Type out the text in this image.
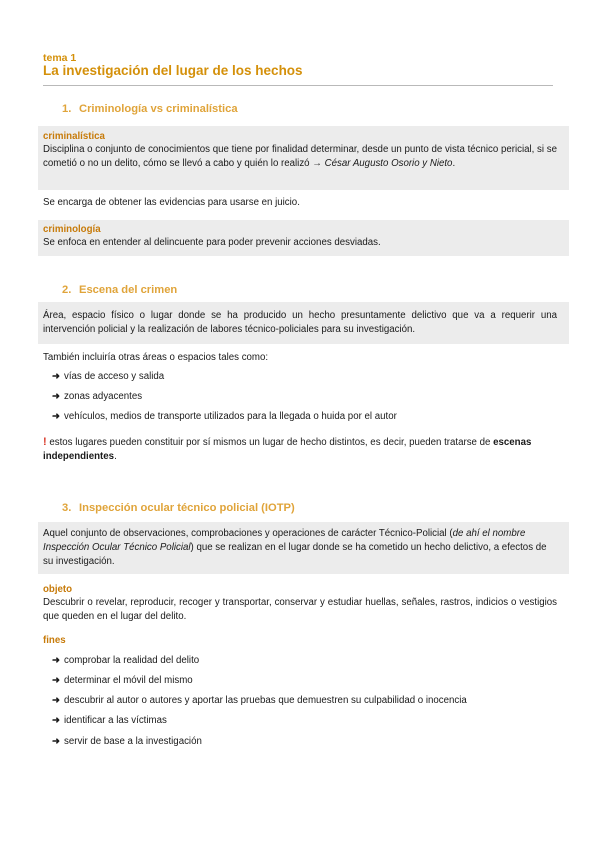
tema 1
La investigación del lugar de los hechos
1. Criminología vs criminalística
criminalística
Disciplina o conjunto de conocimientos que tiene por finalidad determinar, desde un punto de vista técnico pericial, si se cometió o no un delito, cómo se llevó a cabo y quién lo realizó → César Augusto Osorio y Nieto.
Se encarga de obtener las evidencias para usarse en juicio.
criminología
Se enfoca en entender al delincuente para poder prevenir acciones desviadas.
2. Escena del crimen
Área, espacio físico o lugar donde se ha producido un hecho presuntamente delictivo que va a requerir una intervención policial y la realización de labores técnico-policiales para su investigación.
También incluiría otras áreas o espacios tales como:
➜ vías de acceso y salida
➜ zonas adyacentes
➜ vehículos, medios de transporte utilizados para la llegada o huida por el autor
! estos lugares pueden constituir por sí mismos un lugar de hecho distintos, es decir, pueden tratarse de escenas independientes.
3. Inspección ocular técnico policial (IOTP)
Aquel conjunto de observaciones, comprobaciones y operaciones de carácter Técnico-Policial (de ahí el nombre Inspección Ocular Técnico Policial) que se realizan en el lugar donde se ha cometido un hecho delictivo, a efectos de su investigación.
objeto
Descubrir o revelar, reproducir, recoger y transportar, conservar y estudiar huellas, señales, rastros, indicios o vestigios que queden en el lugar del delito.
fines
➜ comprobar la realidad del delito
➜ determinar el móvil del mismo
➜ descubrir al autor o autores y aportar las pruebas que demuestren su culpabilidad o inocencia
➜ identificar a las víctimas
➜ servir de base a la investigación
